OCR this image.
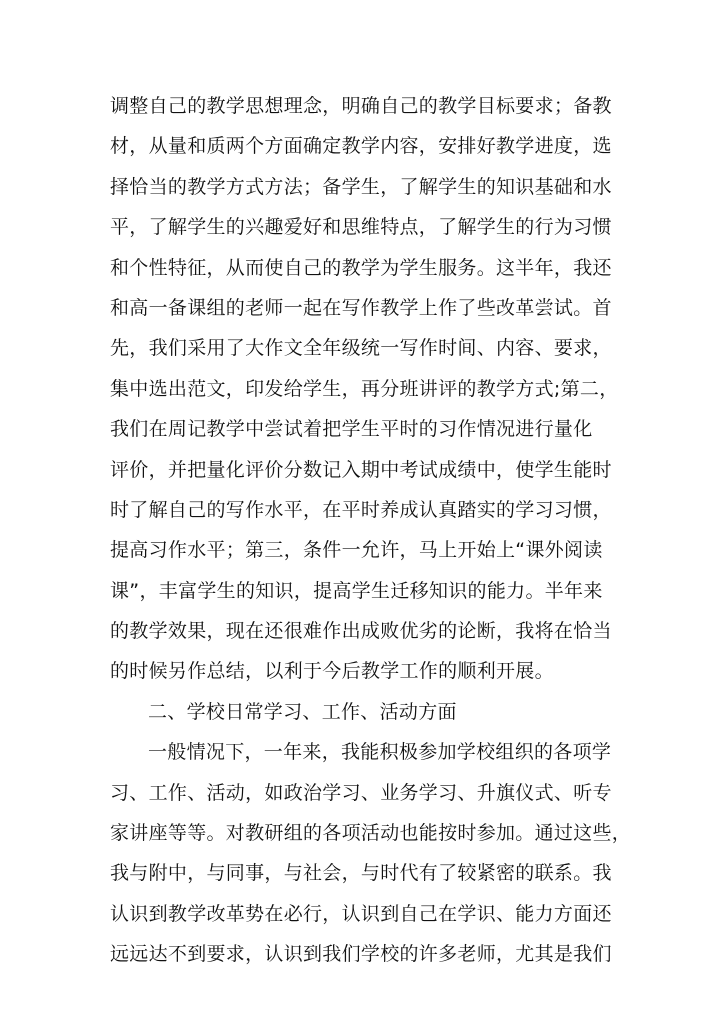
调整自己的教学思想理念，明确自己的教学目标要求；备教
材，从量和质两个方面确定教学内容，安排好教学进度，选
择恰当的教学方式方法；备学生，了解学生的知识基础和水
平，了解学生的兴趣爱好和思维特点，了解学生的行为习惯
和个性特征，从而使自己的教学为学生服务。这半年，我还
和高一备课组的老师一起在写作教学上作了些改革尝试。首
先，我们采用了大作文全年级统一写作时间、内容、要求，
集中选出范文，印发给学生，再分班讲评的教学方式;第二，
我们在周记教学中尝试着把学生平时的习作情况进行量化
评价，并把量化评价分数记入期中考试成绩中，使学生能时
时了解自己的写作水平，在平时养成认真踏实的学习习惯，
提高习作水平；第三，条件一允许，马上开始上“课外阅读
课”，丰富学生的知识，提高学生迁移知识的能力。半年来
的教学效果，现在还很难作出成败优劣的论断，我将在恰当
的时候另作总结，以利于今后教学工作的顺利开展。
二、学校日常学习、工作、活动方面
一般情况下，一年来，我能积极参加学校组织的各项学
习、工作、活动，如政治学习、业务学习、升旗仪式、听专
家讲座等等。对教研组的各项活动也能按时参加。通过这些，
我与附中，与同事，与社会，与时代有了较紧密的联系。我
认识到教学改革势在必行，认识到自己在学识、能力方面还
远远达不到要求，认识到我们学校的许多老师，尤其是我们
